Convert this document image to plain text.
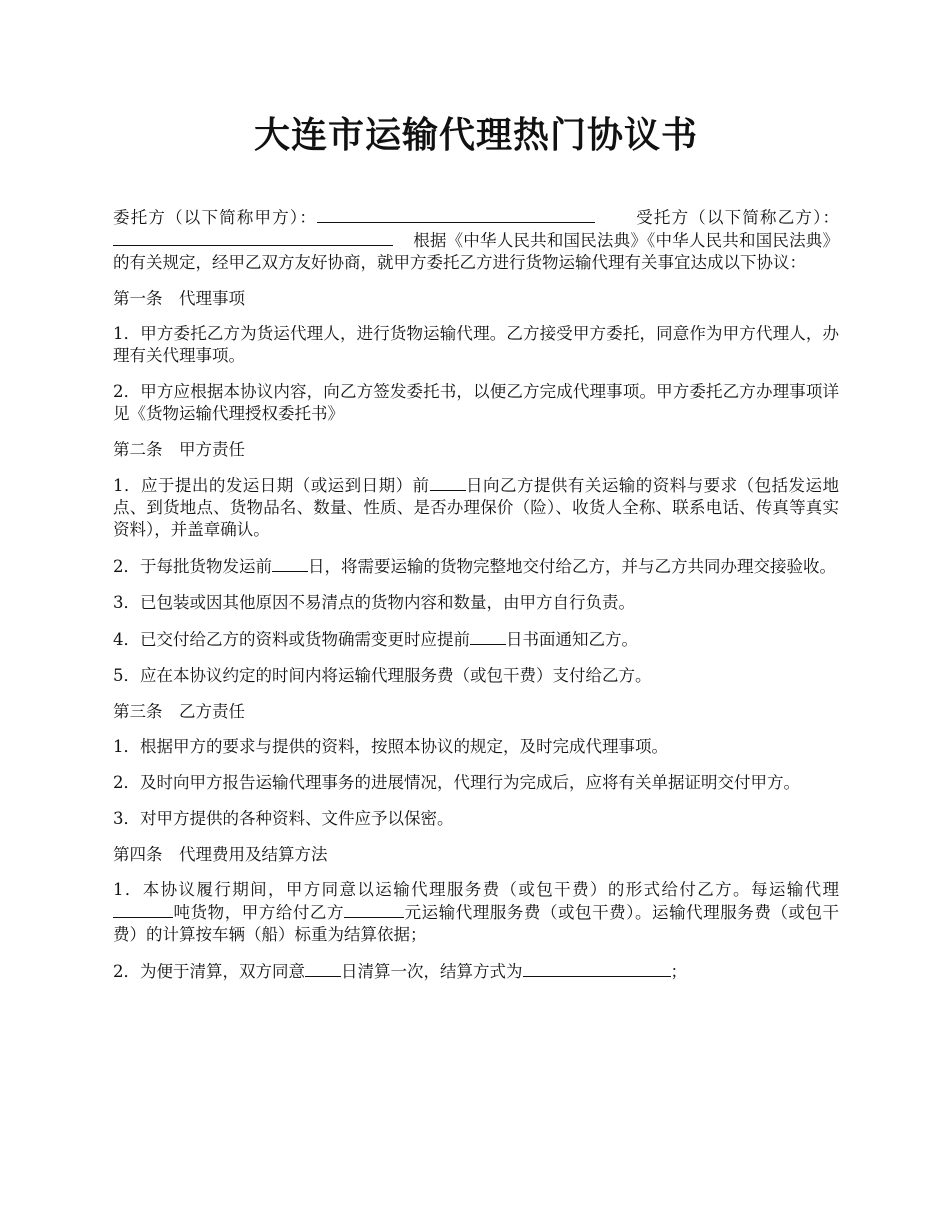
大连市运输代理热门协议书

委托方（以下简称甲方）：	受托方（以下简称乙方）：根据《中华人民共和国民法典》《中华人民共和国民法典》的有关规定，经甲乙双方友好协商，就甲方委托乙方进行货物运输代理有关事宜达成以下协议：

第一条　代理事项

1．甲方委托乙方为货运代理人，进行货物运输代理。乙方接受甲方委托，同意作为甲方代理人，办理有关代理事项。

2．甲方应根据本协议内容，向乙方签发委托书，以便乙方完成代理事项。甲方委托乙方办理事项详见《货物运输代理授权委托书》

第二条　甲方责任

1．应于提出的发运日期（或运到日期）前 日向乙方提供有关运输的资料与要求（包括发运地点、到货地点、货物品名、数量、性质、是否办理保价（险）、收货人全称、联系电话、传真等真实资料），并盖章确认。

2．于每批货物发运前 日，将需要运输的货物完整地交付给乙方，并与乙方共同办理交接验收。

3．已包装或因其他原因不易清点的货物内容和数量，由甲方自行负责。

4．已交付给乙方的资料或货物确需变更时应提前 日书面通知乙方。

5．应在本协议约定的时间内将运输代理服务费（或包干费）支付给乙方。

第三条　乙方责任

1．根据甲方的要求与提供的资料，按照本协议的规定，及时完成代理事项。

2．及时向甲方报告运输代理事务的进展情况，代理行为完成后，应将有关单据证明交付甲方。

3．对甲方提供的各种资料、文件应予以保密。

第四条　代理费用及结算方法

1．本协议履行期间，甲方同意以运输代理服务费（或包干费）的形式给付乙方。每运输代理吨货物，甲方给付乙方	元运输代理服务费（或包干费）。运输代理服务费（或包干费）的计算按车辆（船）标重为结算依据；

2．为便于清算，双方同意 日清算一次，结算方式为	；
